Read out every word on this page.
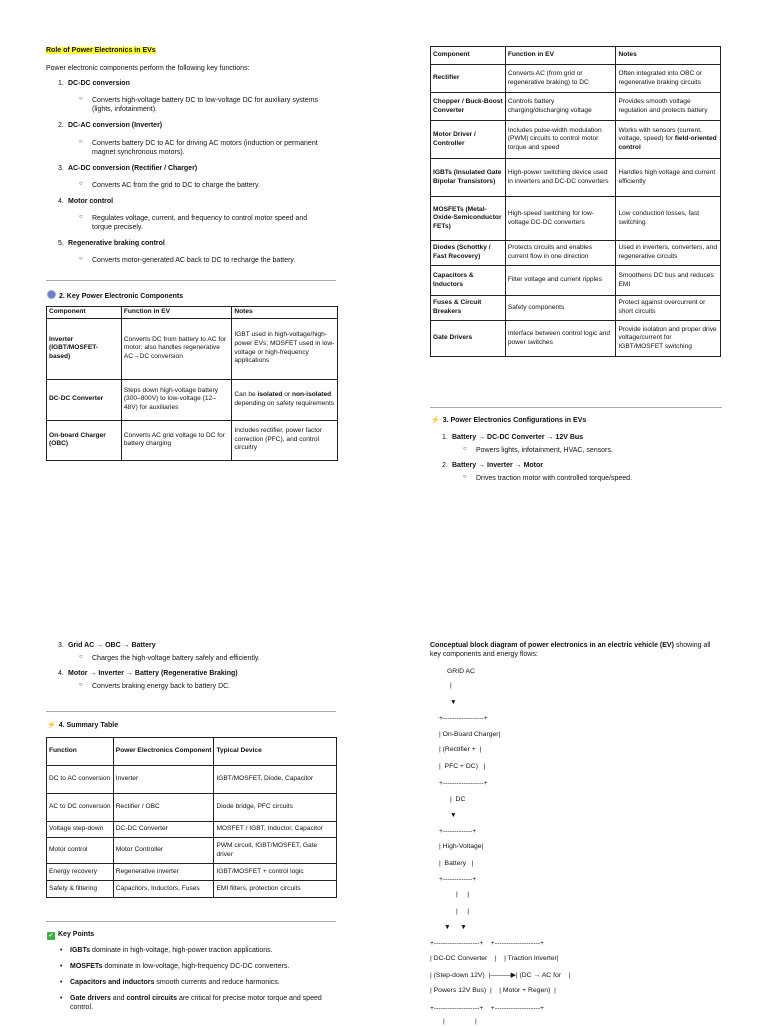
Role of Power Electronics in EVs
Power electronic components perform the following key functions:
1. DC-DC conversion
○ Converts high-voltage battery DC to low-voltage DC for auxiliary systems (lights, infotainment).
2. DC-AC conversion (Inverter)
○ Converts battery DC to AC for driving AC motors (induction or permanent magnet synchronous motors).
3. AC-DC conversion (Rectifier / Charger)
○ Converts AC from the grid to DC to charge the battery.
4. Motor control
○ Regulates voltage, current, and frequency to control motor speed and torque precisely.
5. Regenerative braking control
○ Converts motor-generated AC back to DC to recharge the battery.
2. Key Power Electronic Components
Component	Function in EV	Notes
Inverter (IGBT/MOSFET-based)	Converts DC from battery to AC for motor; also handles regenerative AC→DC conversion	IGBT used in high-voltage/high-power EVs; MOSFET used in low-voltage or high-frequency applications
DC-DC Converter	Steps down high-voltage battery (300–800V) to low-voltage (12–48V) for auxiliaries	Can be isolated or non-isolated depending on safety requirements
On-board Charger (OBC)	Converts AC grid voltage to DC for battery charging	Includes rectifier, power factor correction (PFC), and control circuitry
Component	Function in EV	Notes
Rectifier	Converts AC (from grid or regenerative braking) to DC	Often integrated into OBC or regenerative braking circuits
Chopper / Buck-Boost Converter	Controls battery charging/discharging voltage	Provides smooth voltage regulation and protects battery
Motor Driver / Controller	Includes pulse-width modulation (PWM) circuits to control motor torque and speed	Works with sensors (current, voltage, speed) for field-oriented control
IGBTs (Insulated Gate Bipolar Transistors)	High-power switching device used in inverters and DC-DC converters	Handles high voltage and current efficiently
MOSFETs (Metal-Oxide-Semiconductor FETs)	High-speed switching for low-voltage DC-DC converters	Low conduction losses, fast switching
Diodes (Schottky / Fast Recovery)	Protects circuits and enables current flow in one direction	Used in inverters, converters, and regenerative circuits
Capacitors & Inductors	Filter voltage and current ripples	Smoothens DC bus and reduces EMI
Fuses & Circuit Breakers	Safety components	Protect against overcurrent or short circuits
Gate Drivers	Interface between control logic and power switches	Provide isolation and proper drive voltage/current for IGBT/MOSFET switching
⚡ 3. Power Electronics Configurations in EVs
1. Battery → DC-DC Converter → 12V Bus
○ Powers lights, infotainment, HVAC, sensors.
2. Battery → Inverter → Motor
○ Drives traction motor with controlled torque/speed.
3. Grid AC → OBC → Battery
○ Charges the high-voltage battery safely and efficiently.
4. Motor → Inverter → Battery (Regenerative Braking)
○ Converts braking energy back to battery DC.
⚡ 4. Summary Table
Function	Power Electronics Component	Typical Device
DC to AC conversion	Inverter	IGBT/MOSFET, Diode, Capacitor
AC to DC conversion	Rectifier / OBC	Diode bridge, PFC circuits
Voltage step-down	DC-DC Converter	MOSFET / IGBT, Inductor, Capacitor
Motor control	Motor Controller	PWM circuit, IGBT/MOSFET, Gate driver
Energy recovery	Regenerative inverter	IGBT/MOSFET + control logic
Safety & filtering	Capacitors, Inductors, Fuses	EMI filters, protection circuits
✓ Key Points
• IGBTs dominate in high-voltage, high-power traction applications.
• MOSFETs dominate in low-voltage, high-frequency DC-DC converters.
• Capacitors and inductors smooth currents and reduce harmonics.
• Gate drivers and control circuits are critical for precise motor torque and speed control.
Conceptual block diagram of power electronics in an electric vehicle (EV) showing all key components and energy flows:
GRID AC
|
▼
+------------------+
| On-Board Charger|
| (Rectifier +  |
|  PFC + DC)   |
+------------------+
|  DC
▼
+-------------+
| High-Voltage|
|  Battery   |
+-------------+
|     |
|     |
▼     ▼
+--------------------+    +--------------------+
| DC-DC Converter    |    | Traction Inverter|
| (Step-down 12V)  |———▶| (DC → AC for    |
| Powers 12V Bus)  |    | Motor + Regen)  |
+--------------------+    +--------------------+
|                |
